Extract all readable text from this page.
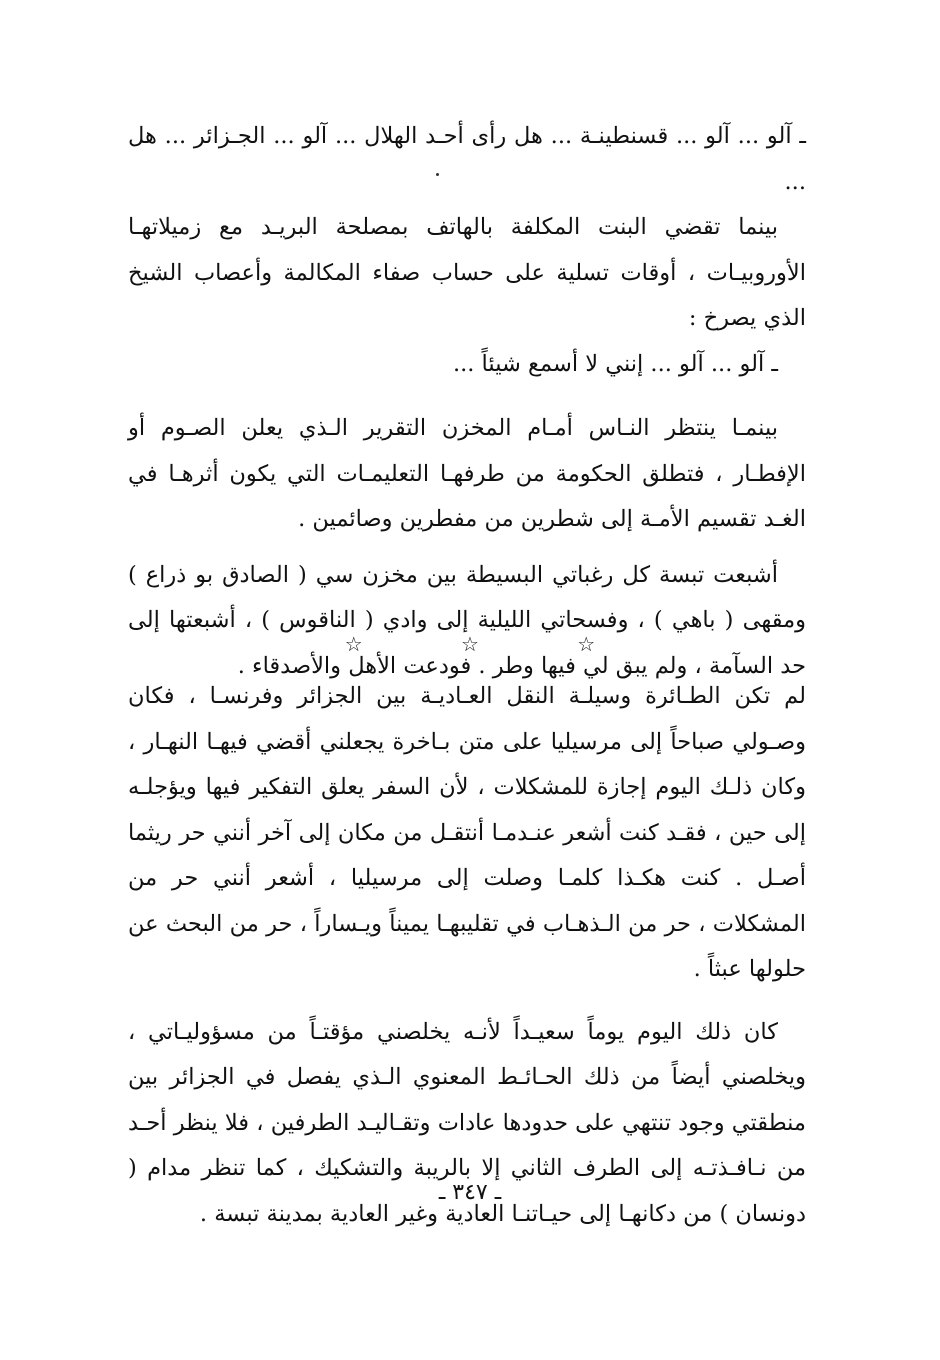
ـ آلو ... آلو ... قسنطينـة ... هل رأى أحـد الهلال ... آلو ... الجـزائر ... هل ...

بينما تقضي البنت المكلفة بالهاتف بمصلحة البريـد مع زميلاتهـا الأوروبيـات ، أوقات تسلية على حساب صفاء المكالمة وأعصاب الشيخ الذي يصرخ :

ـ آلو ... آلو ... إنني لا أسمع شيئاً ...

بينمـا ينتظر النـاس أمـام المخزن التقرير الـذي يعلن الصـوم أو الإفطـار ، فتطلق الحكومة من طرفهـا التعليمـات التي يكون أثرهـا في الغـد تقسيم الأمـة إلى شطرين من مفطرين وصائمين .

أشبعت تبسة كل رغباتي البسيطة بين مخزن سي ( الصادق بو ذراع ) ومقهى ( باهي ) ، وفسحاتي الليلية إلى وادي ( الناقوس ) ، أشبعتها إلى حد السآمة ، ولم يبق لي فيها وطر . فودعت الأهل والأصدقاء .

☆ ☆ ☆

لم تكن الطـائرة وسيلـة النقل العـاديـة بين الجزائر وفرنسـا ، فكان وصـولي صباحاً إلى مرسيليا على متن بـاخرة يجعلني أقضي فيهـا النهـار ، وكان ذلـك اليوم إجازة للمشكلات ، لأن السفر يعلق التفكير فيها ويؤجلـه إلى حين ، فقـد كنت أشعر عنـدمـا أنتقـل من مكان إلى آخر أنني حر ريثما أصـل . كنت هكـذا كلمـا وصلت إلى مرسيليا ، أشعر أنني حر من المشكلات ، حر من الـذهـاب في تقليبهـا يميناً ويـساراً ، حر من البحث عن حلولها عبثاً .

كان ذلك اليوم يوماً سعيـداً لأنـه يخلصني مؤقتـاً من مسؤوليـاتي ، ويخلصني أيضاً من ذلك الحـائـط المعنوي الـذي يفصل في الجزائر بين منطقتي وجود تنتهي على حدودها عادات وتقـاليـد الطرفين ، فلا ينظر أحـد من نـافـذتـه إلى الطرف الثاني إلا بالريبة والتشكيك ، كما تنظر مدام ( دونسان ) من دكانهـا إلى حيـاتنـا العادية وغير العادية بمدينة تبسة .

ـ ٣٤٧ ـ
